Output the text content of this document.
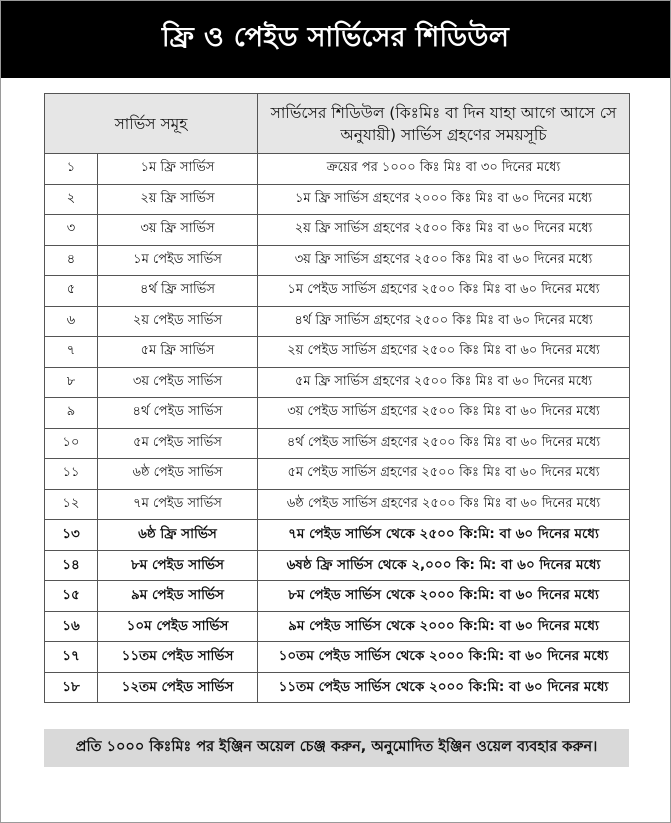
ফ্রি ও পেইড সার্ভিসের শিডিউল
সার্ভিস সমূহ		সার্ভিসের শিডিউল (কিঃমিঃ বা দিন যাহা আগে আসে সে অনুযায়ী) সার্ভিস গ্রহণের সময়সূচি
১	১ম ফ্রি সার্ভিস	ক্রয়ের পর ১০০০ কিঃ মিঃ বা ৩০ দিনের মধ্যে
২	২য় ফ্রি সার্ভিস	১ম ফ্রি সার্ভিস গ্রহণের ২০০০ কিঃ মিঃ বা ৬০ দিনের মধ্যে
৩	৩য় ফ্রি সার্ভিস	২য় ফ্রি সার্ভিস গ্রহণের ২৫০০ কিঃ মিঃ বা ৬০ দিনের মধ্যে
৪	১ম পেইড সার্ভিস	৩য় ফ্রি সার্ভিস গ্রহণের ২৫০০ কিঃ মিঃ বা ৬০ দিনের মধ্যে
৫	৪র্থ ফ্রি সার্ভিস	১ম পেইড সার্ভিস গ্রহণের ২৫০০ কিঃ মিঃ বা ৬০ দিনের মধ্যে
৬	২য় পেইড সার্ভিস	৪র্থ ফ্রি সার্ভিস গ্রহণের ২৫০০ কিঃ মিঃ বা ৬০ দিনের মধ্যে
৭	৫ম ফ্রি সার্ভিস	২য় পেইড সার্ভিস গ্রহণের ২৫০০ কিঃ মিঃ বা ৬০ দিনের মধ্যে
৮	৩য় পেইড সার্ভিস	৫ম ফ্রি সার্ভিস গ্রহণের ২৫০০ কিঃ মিঃ বা ৬০ দিনের মধ্যে
৯	৪র্থ পেইড সার্ভিস	৩য় পেইড সার্ভিস গ্রহণের ২৫০০ কিঃ মিঃ বা ৬০ দিনের মধ্যে
১০	৫ম পেইড সার্ভিস	৪র্থ পেইড সার্ভিস গ্রহণের ২৫০০ কিঃ মিঃ বা ৬০ দিনের মধ্যে
১১	৬ষ্ঠ পেইড সার্ভিস	৫ম পেইড সার্ভিস গ্রহণের ২৫০০ কিঃ মিঃ বা ৬০ দিনের মধ্যে
১২	৭ম পেইড সার্ভিস	৬ষ্ঠ পেইড সার্ভিস গ্রহণের ২৫০০ কিঃ মিঃ বা ৬০ দিনের মধ্যে
১৩	৬ষ্ঠ ফ্রি সার্ভিস	৭ম পেইড সার্ভিস থেকে ২৫০০ কি:মি: বা ৬০ দিনের মধ্যে
১৪	৮ম পেইড সার্ভিস	৬ষষ্ঠ ফ্রি সার্ভিস থেকে ২,০০০ কি: মি: বা ৬০ দিনের মধ্যে
১৫	৯ম পেইড সার্ভিস	৮ম পেইড সার্ভিস থেকে ২০০০ কি:মি: বা ৬০ দিনের মধ্যে
১৬	১০ম পেইড সার্ভিস	৯ম পেইড সার্ভিস থেকে ২০০০ কি:মি: বা ৬০ দিনের মধ্যে
১৭	১১তম পেইড সার্ভিস	১০তম পেইড সার্ভিস থেকে ২০০০ কি:মি: বা ৬০ দিনের মধ্যে
১৮	১২তম পেইড সার্ভিস	১১তম পেইড সার্ভিস থেকে ২০০০ কি:মি: বা ৬০ দিনের মধ্যে
প্রতি ১০০০ কিঃমিঃ পর ইঞ্জিন অয়েল চেঞ্জ করুন, অনুমোদিত ইঞ্জিন ওয়েল ব্যবহার করুন।
